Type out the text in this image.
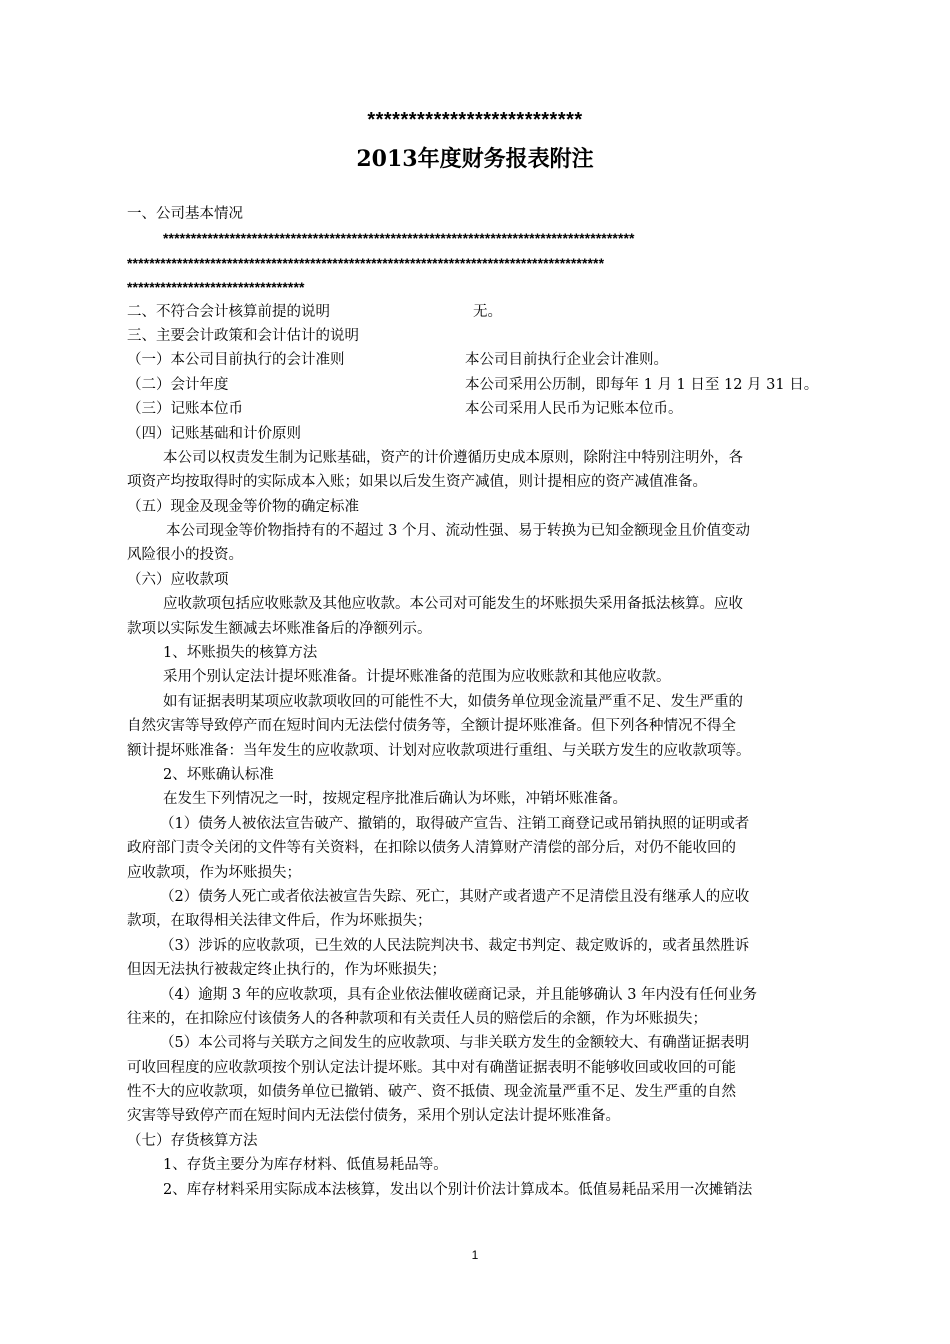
**************************
2013年度财务报表附注
一、公司基本情况
*************************************************************************************
**************************************************************************************
********************************
二、不符合会计核算前提的说明	无。
三、主要会计政策和会计估计的说明
（一）本公司目前执行的会计准则	本公司目前执行企业会计准则。
（二）会计年度	本公司采用公历制，即每年 1 月 1 日至 12 月 31 日。
（三）记账本位币	本公司采用人民币为记账本位币。
（四）记账基础和计价原则
本公司以权责发生制为记账基础，资产的计价遵循历史成本原则，除附注中特别注明外，各
项资产均按取得时的实际成本入账；如果以后发生资产减值，则计提相应的资产减值准备。
（五）现金及现金等价物的确定标准
本公司现金等价物指持有的不超过 3 个月、流动性强、易于转换为已知金额现金且价值变动
风险很小的投资。
（六）应收款项
应收款项包括应收账款及其他应收款。本公司对可能发生的坏账损失采用备抵法核算。应收
款项以实际发生额减去坏账准备后的净额列示。
1、坏账损失的核算方法
采用个别认定法计提坏账准备。计提坏账准备的范围为应收账款和其他应收款。
如有证据表明某项应收款项收回的可能性不大，如债务单位现金流量严重不足、发生严重的
自然灾害等导致停产而在短时间内无法偿付债务等，全额计提坏账准备。但下列各种情况不得全
额计提坏账准备：当年发生的应收款项、计划对应收款项进行重组、与关联方发生的应收款项等。
2、坏账确认标准
在发生下列情况之一时，按规定程序批准后确认为坏账，冲销坏账准备。
（1）债务人被依法宣告破产、撤销的，取得破产宣告、注销工商登记或吊销执照的证明或者
政府部门责令关闭的文件等有关资料，在扣除以债务人清算财产清偿的部分后，对仍不能收回的
应收款项，作为坏账损失；
（2）债务人死亡或者依法被宣告失踪、死亡，其财产或者遗产不足清偿且没有继承人的应收
款项，在取得相关法律文件后，作为坏账损失；
（3）涉诉的应收款项，已生效的人民法院判决书、裁定书判定、裁定败诉的，或者虽然胜诉
但因无法执行被裁定终止执行的，作为坏账损失；
（4）逾期 3 年的应收款项，具有企业依法催收磋商记录，并且能够确认 3 年内没有任何业务
往来的，在扣除应付该债务人的各种款项和有关责任人员的赔偿后的余额，作为坏账损失；
（5）本公司将与关联方之间发生的应收款项、与非关联方发生的金额较大、有确凿证据表明
可收回程度的应收款项按个别认定法计提坏账。其中对有确凿证据表明不能够收回或收回的可能
性不大的应收款项，如债务单位已撤销、破产、资不抵债、现金流量严重不足、发生严重的自然
灾害等导致停产而在短时间内无法偿付债务，采用个别认定法计提坏账准备。
（七）存货核算方法
1、存货主要分为库存材料、低值易耗品等。
2、库存材料采用实际成本法核算，发出以个别计价法计算成本。低值易耗品采用一次摊销法
1
